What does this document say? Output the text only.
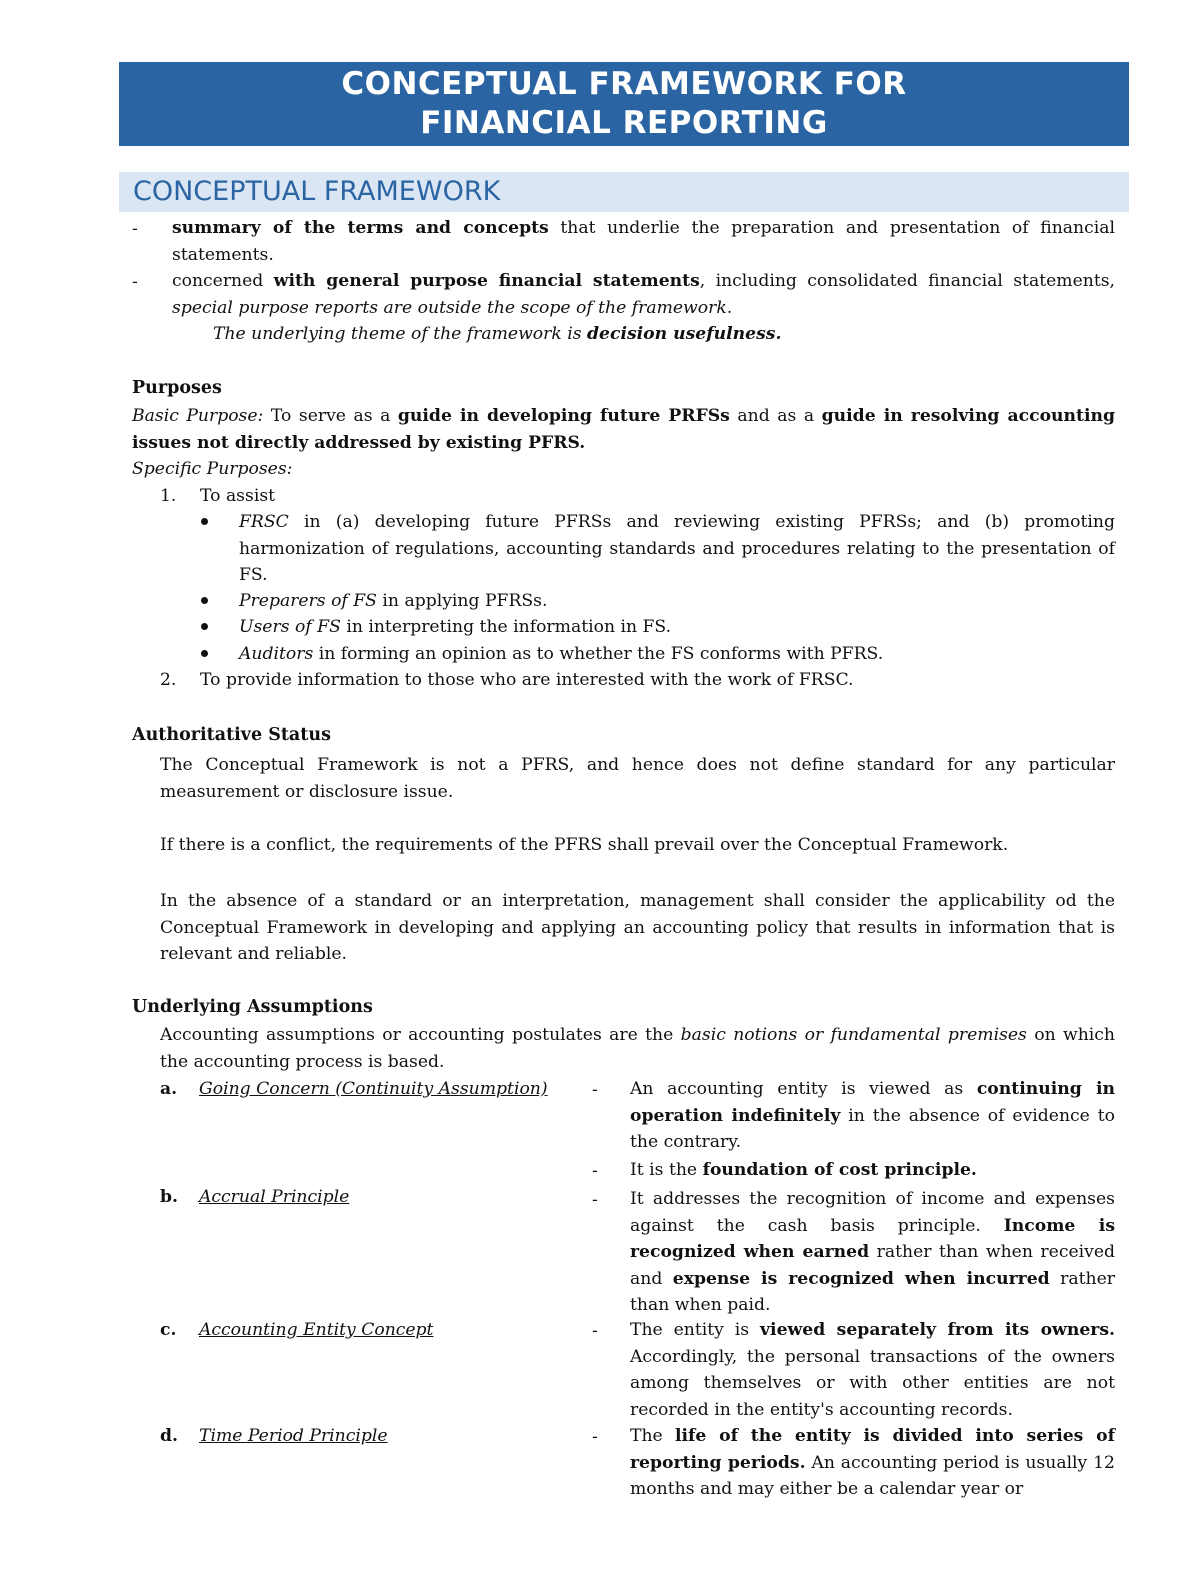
CONCEPTUAL FRAMEWORK FOR
FINANCIAL REPORTING
CONCEPTUAL FRAMEWORK
- summary of the terms and concepts that underlie the preparation and presentation of financial statements.
- concerned with general purpose financial statements, including consolidated financial statements, special purpose reports are outside the scope of the framework.
The underlying theme of the framework is decision usefulness.
Purposes
Basic Purpose: To serve as a guide in developing future PRFSs and as a guide in resolving accounting issues not directly addressed by existing PFRS.
Specific Purposes:
1. To assist
FRSC in (a) developing future PFRSs and reviewing existing PFRSs; and (b) promoting harmonization of regulations, accounting standards and procedures relating to the presentation of FS.
Preparers of FS in applying PFRSs.
Users of FS in interpreting the information in FS.
Auditors in forming an opinion as to whether the FS conforms with PFRS.
2. To provide information to those who are interested with the work of FRSC.
Authoritative Status
The Conceptual Framework is not a PFRS, and hence does not define standard for any particular measurement or disclosure issue.
If there is a conflict, the requirements of the PFRS shall prevail over the Conceptual Framework.
In the absence of a standard or an interpretation, management shall consider the applicability od the Conceptual Framework in developing and applying an accounting policy that results in information that is relevant and reliable.
Underlying Assumptions
Accounting assumptions or accounting postulates are the basic notions or fundamental premises on which the accounting process is based.
a. Going Concern (Continuity Assumption)	- An accounting entity is viewed as continuing in operation indefinitely in the absence of evidence to the contrary.
- It is the foundation of cost principle.
b. Accrual Principle	- It addresses the recognition of income and expenses against the cash basis principle. Income is recognized when earned rather than when received and expense is recognized when incurred rather than when paid.
c. Accounting Entity Concept	- The entity is viewed separately from its owners. Accordingly, the personal transactions of the owners among themselves or with other entities are not recorded in the entity's accounting records.
d. Time Period Principle	- The life of the entity is divided into series of reporting periods. An accounting period is usually 12 months and may either be a calendar year or
